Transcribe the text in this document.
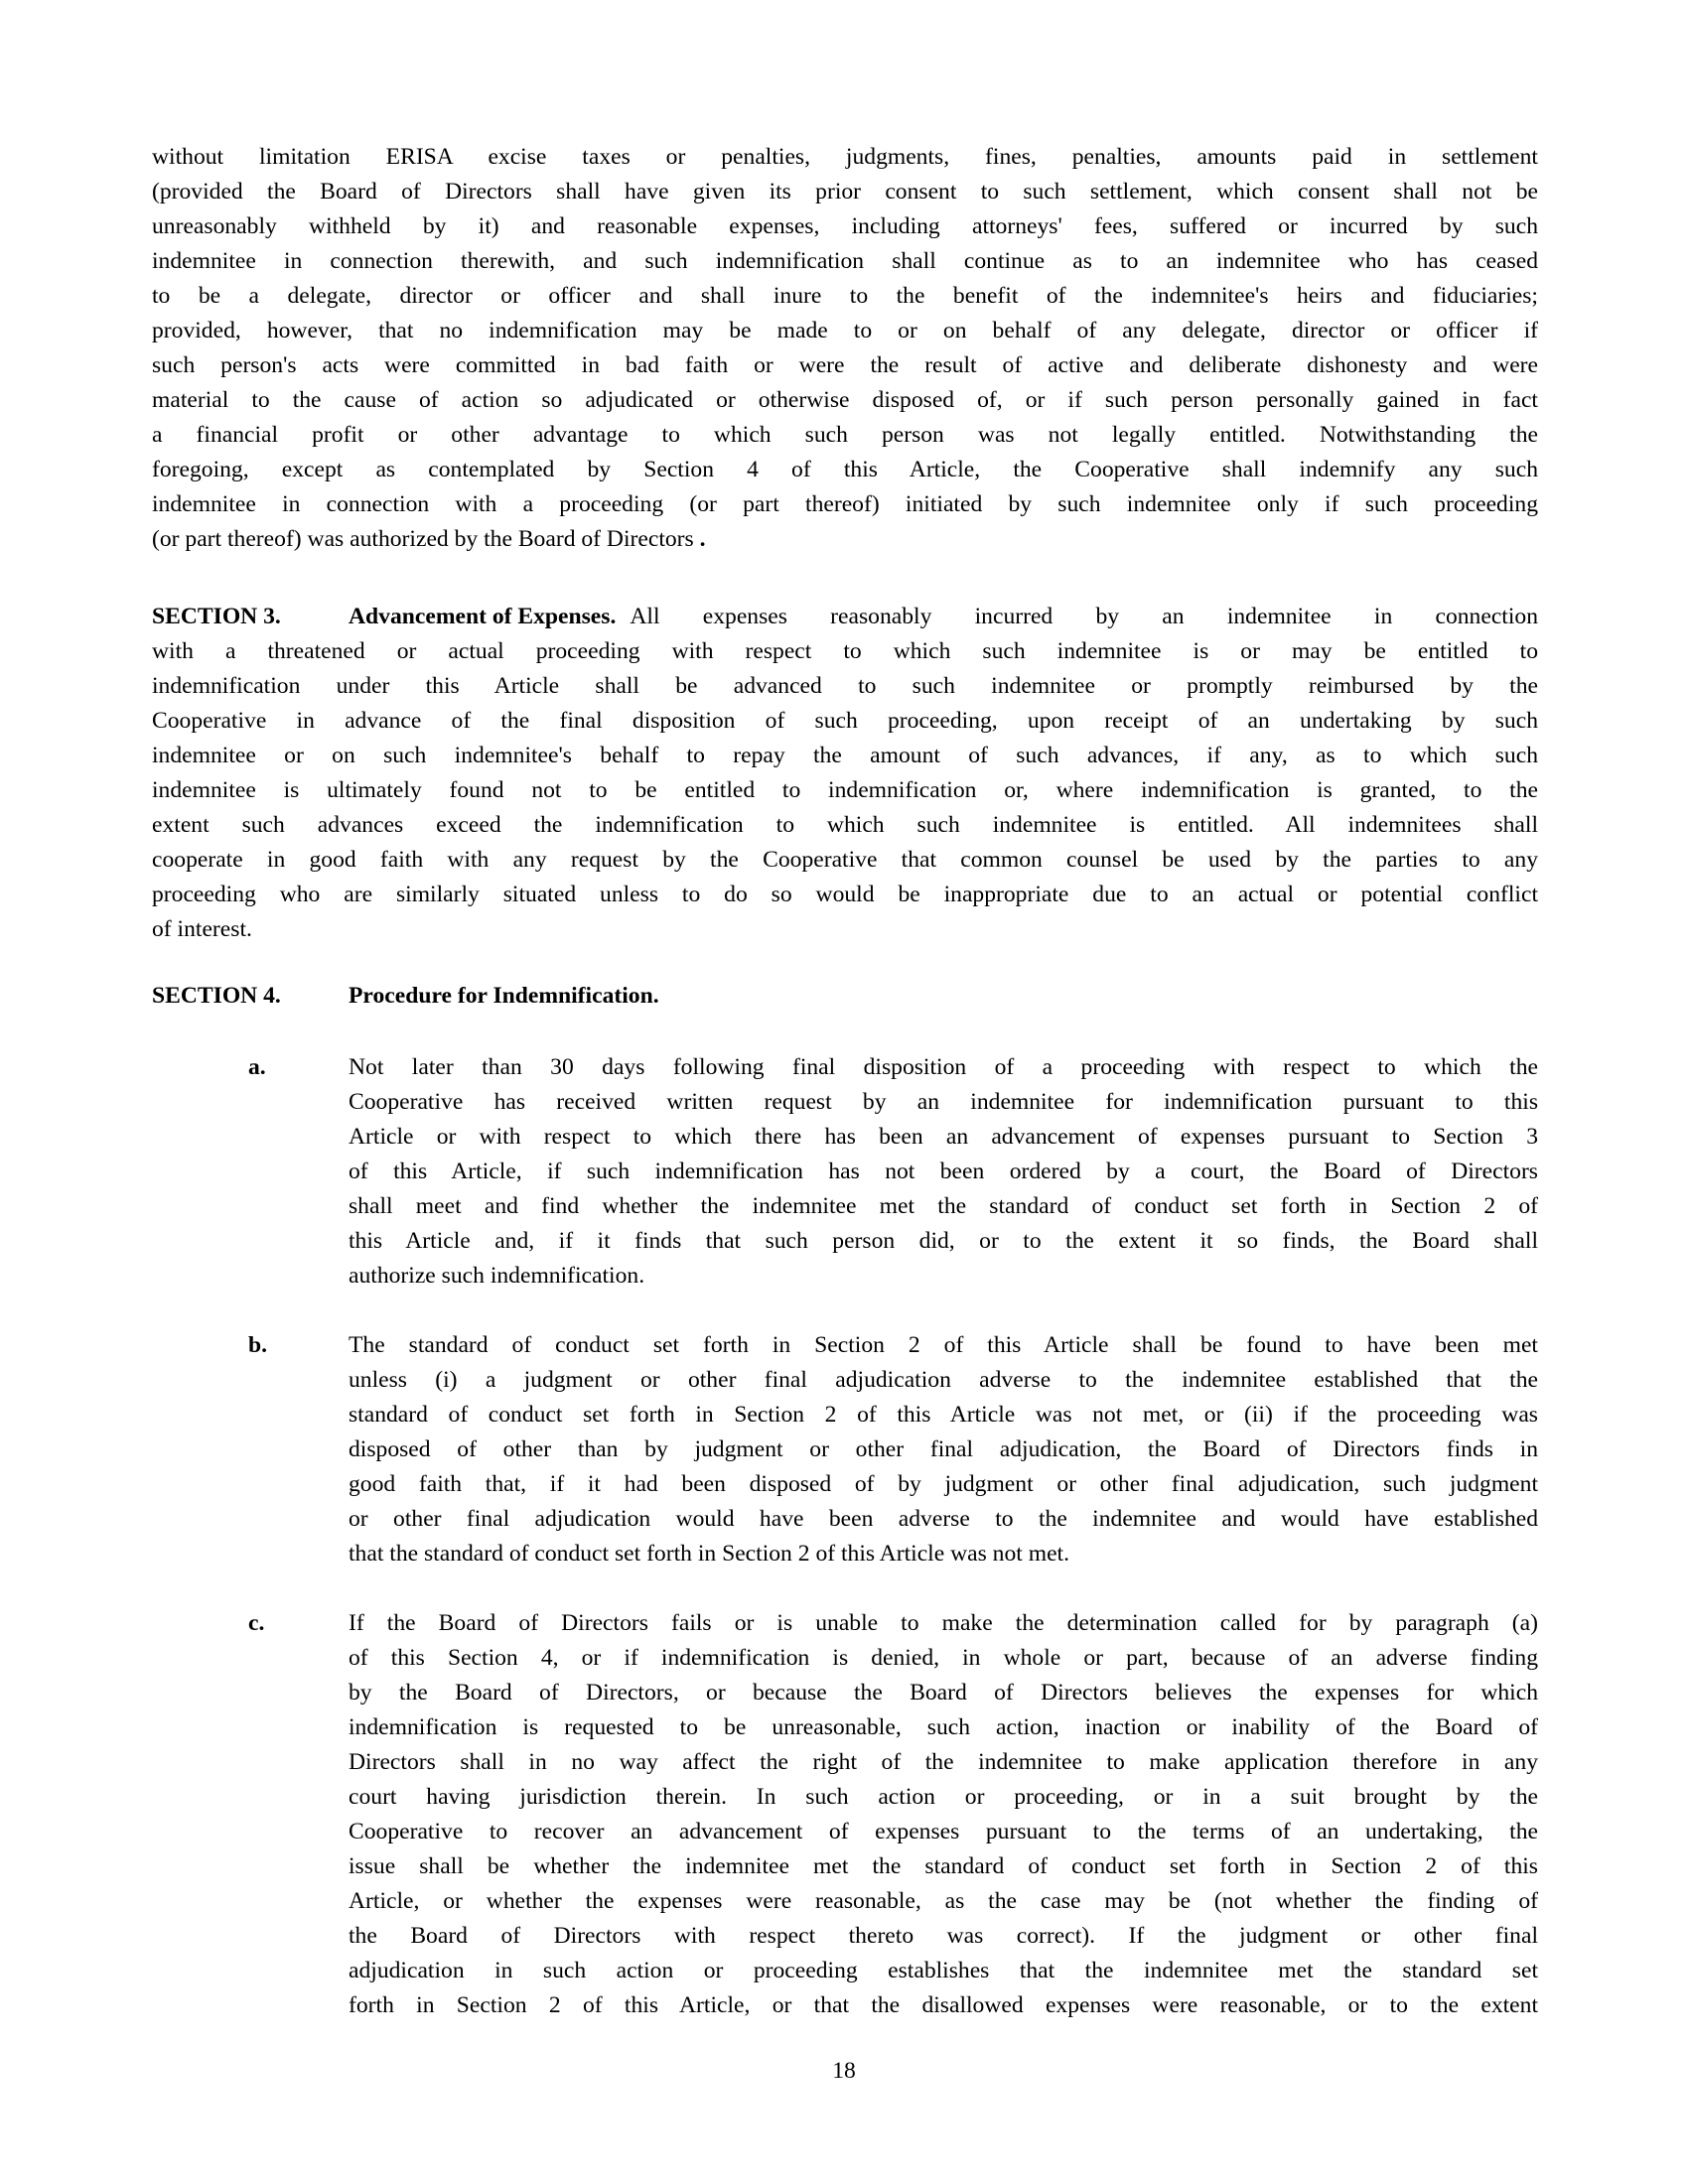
without limitation ERISA excise taxes or penalties, judgments, fines, penalties, amounts paid in settlement
(provided the Board of Directors shall have given its prior consent to such settlement, which consent shall not be
unreasonably withheld by it) and reasonable expenses, including attorneys' fees, suffered or incurred by such
indemnitee in connection therewith, and such indemnification shall continue as to an indemnitee who has ceased
to be a delegate, director or officer and shall inure to the benefit of the indemnitee's heirs and fiduciaries;
provided, however, that no indemnification may be made to or on behalf of any delegate, director or officer if
such person's acts were committed in bad faith or were the result of active and deliberate dishonesty and were
material to the cause of action so adjudicated or otherwise disposed of, or if such person personally gained in fact
a financial profit or other advantage to which such person was not legally entitled. Notwithstanding the
foregoing, except as contemplated by Section 4 of this Article, the Cooperative shall indemnify any such
indemnitee in connection with a proceeding (or part thereof) initiated by such indemnitee only if such proceeding
(or part thereof) was authorized by the Board of Directors .
SECTION 3.	Advancement of Expenses. All expenses reasonably incurred by an indemnitee in connection
with a threatened or actual proceeding with respect to which such indemnitee is or may be entitled to
indemnification under this Article shall be advanced to such indemnitee or promptly reimbursed by the
Cooperative in advance of the final disposition of such proceeding, upon receipt of an undertaking by such
indemnitee or on such indemnitee's behalf to repay the amount of such advances, if any, as to which such
indemnitee is ultimately found not to be entitled to indemnification or, where indemnification is granted, to the
extent such advances exceed the indemnification to which such indemnitee is entitled. All indemnitees shall
cooperate in good faith with any request by the Cooperative that common counsel be used by the parties to any
proceeding who are similarly situated unless to do so would be inappropriate due to an actual or potential conflict
of interest.
SECTION 4.	Procedure for Indemnification.
a.	Not later than 30 days following final disposition of a proceeding with respect to which the
Cooperative has received written request by an indemnitee for indemnification pursuant to this
Article or with respect to which there has been an advancement of expenses pursuant to Section 3
of this Article, if such indemnification has not been ordered by a court, the Board of Directors
shall meet and find whether the indemnitee met the standard of conduct set forth in Section 2 of
this Article and, if it finds that such person did, or to the extent it so finds, the Board shall
authorize such indemnification.
b.	The standard of conduct set forth in Section 2 of this Article shall be found to have been met
unless (i) a judgment or other final adjudication adverse to the indemnitee established that the
standard of conduct set forth in Section 2 of this Article was not met, or (ii) if the proceeding was
disposed of other than by judgment or other final adjudication, the Board of Directors finds in
good faith that, if it had been disposed of by judgment or other final adjudication, such judgment
or other final adjudication would have been adverse to the indemnitee and would have established
that the standard of conduct set forth in Section 2 of this Article was not met.
c.	If the Board of Directors fails or is unable to make the determination called for by paragraph (a)
of this Section 4, or if indemnification is denied, in whole or part, because of an adverse finding
by the Board of Directors, or because the Board of Directors believes the expenses for which
indemnification is requested to be unreasonable, such action, inaction or inability of the Board of
Directors shall in no way affect the right of the indemnitee to make application therefore in any
court having jurisdiction therein. In such action or proceeding, or in a suit brought by the
Cooperative to recover an advancement of expenses pursuant to the terms of an undertaking, the
issue shall be whether the indemnitee met the standard of conduct set forth in Section 2 of this
Article, or whether the expenses were reasonable, as the case may be (not whether the finding of
the Board of Directors with respect thereto was correct). If the judgment or other final
adjudication in such action or proceeding establishes that the indemnitee met the standard set
forth in Section 2 of this Article, or that the disallowed expenses were reasonable, or to the extent
18
